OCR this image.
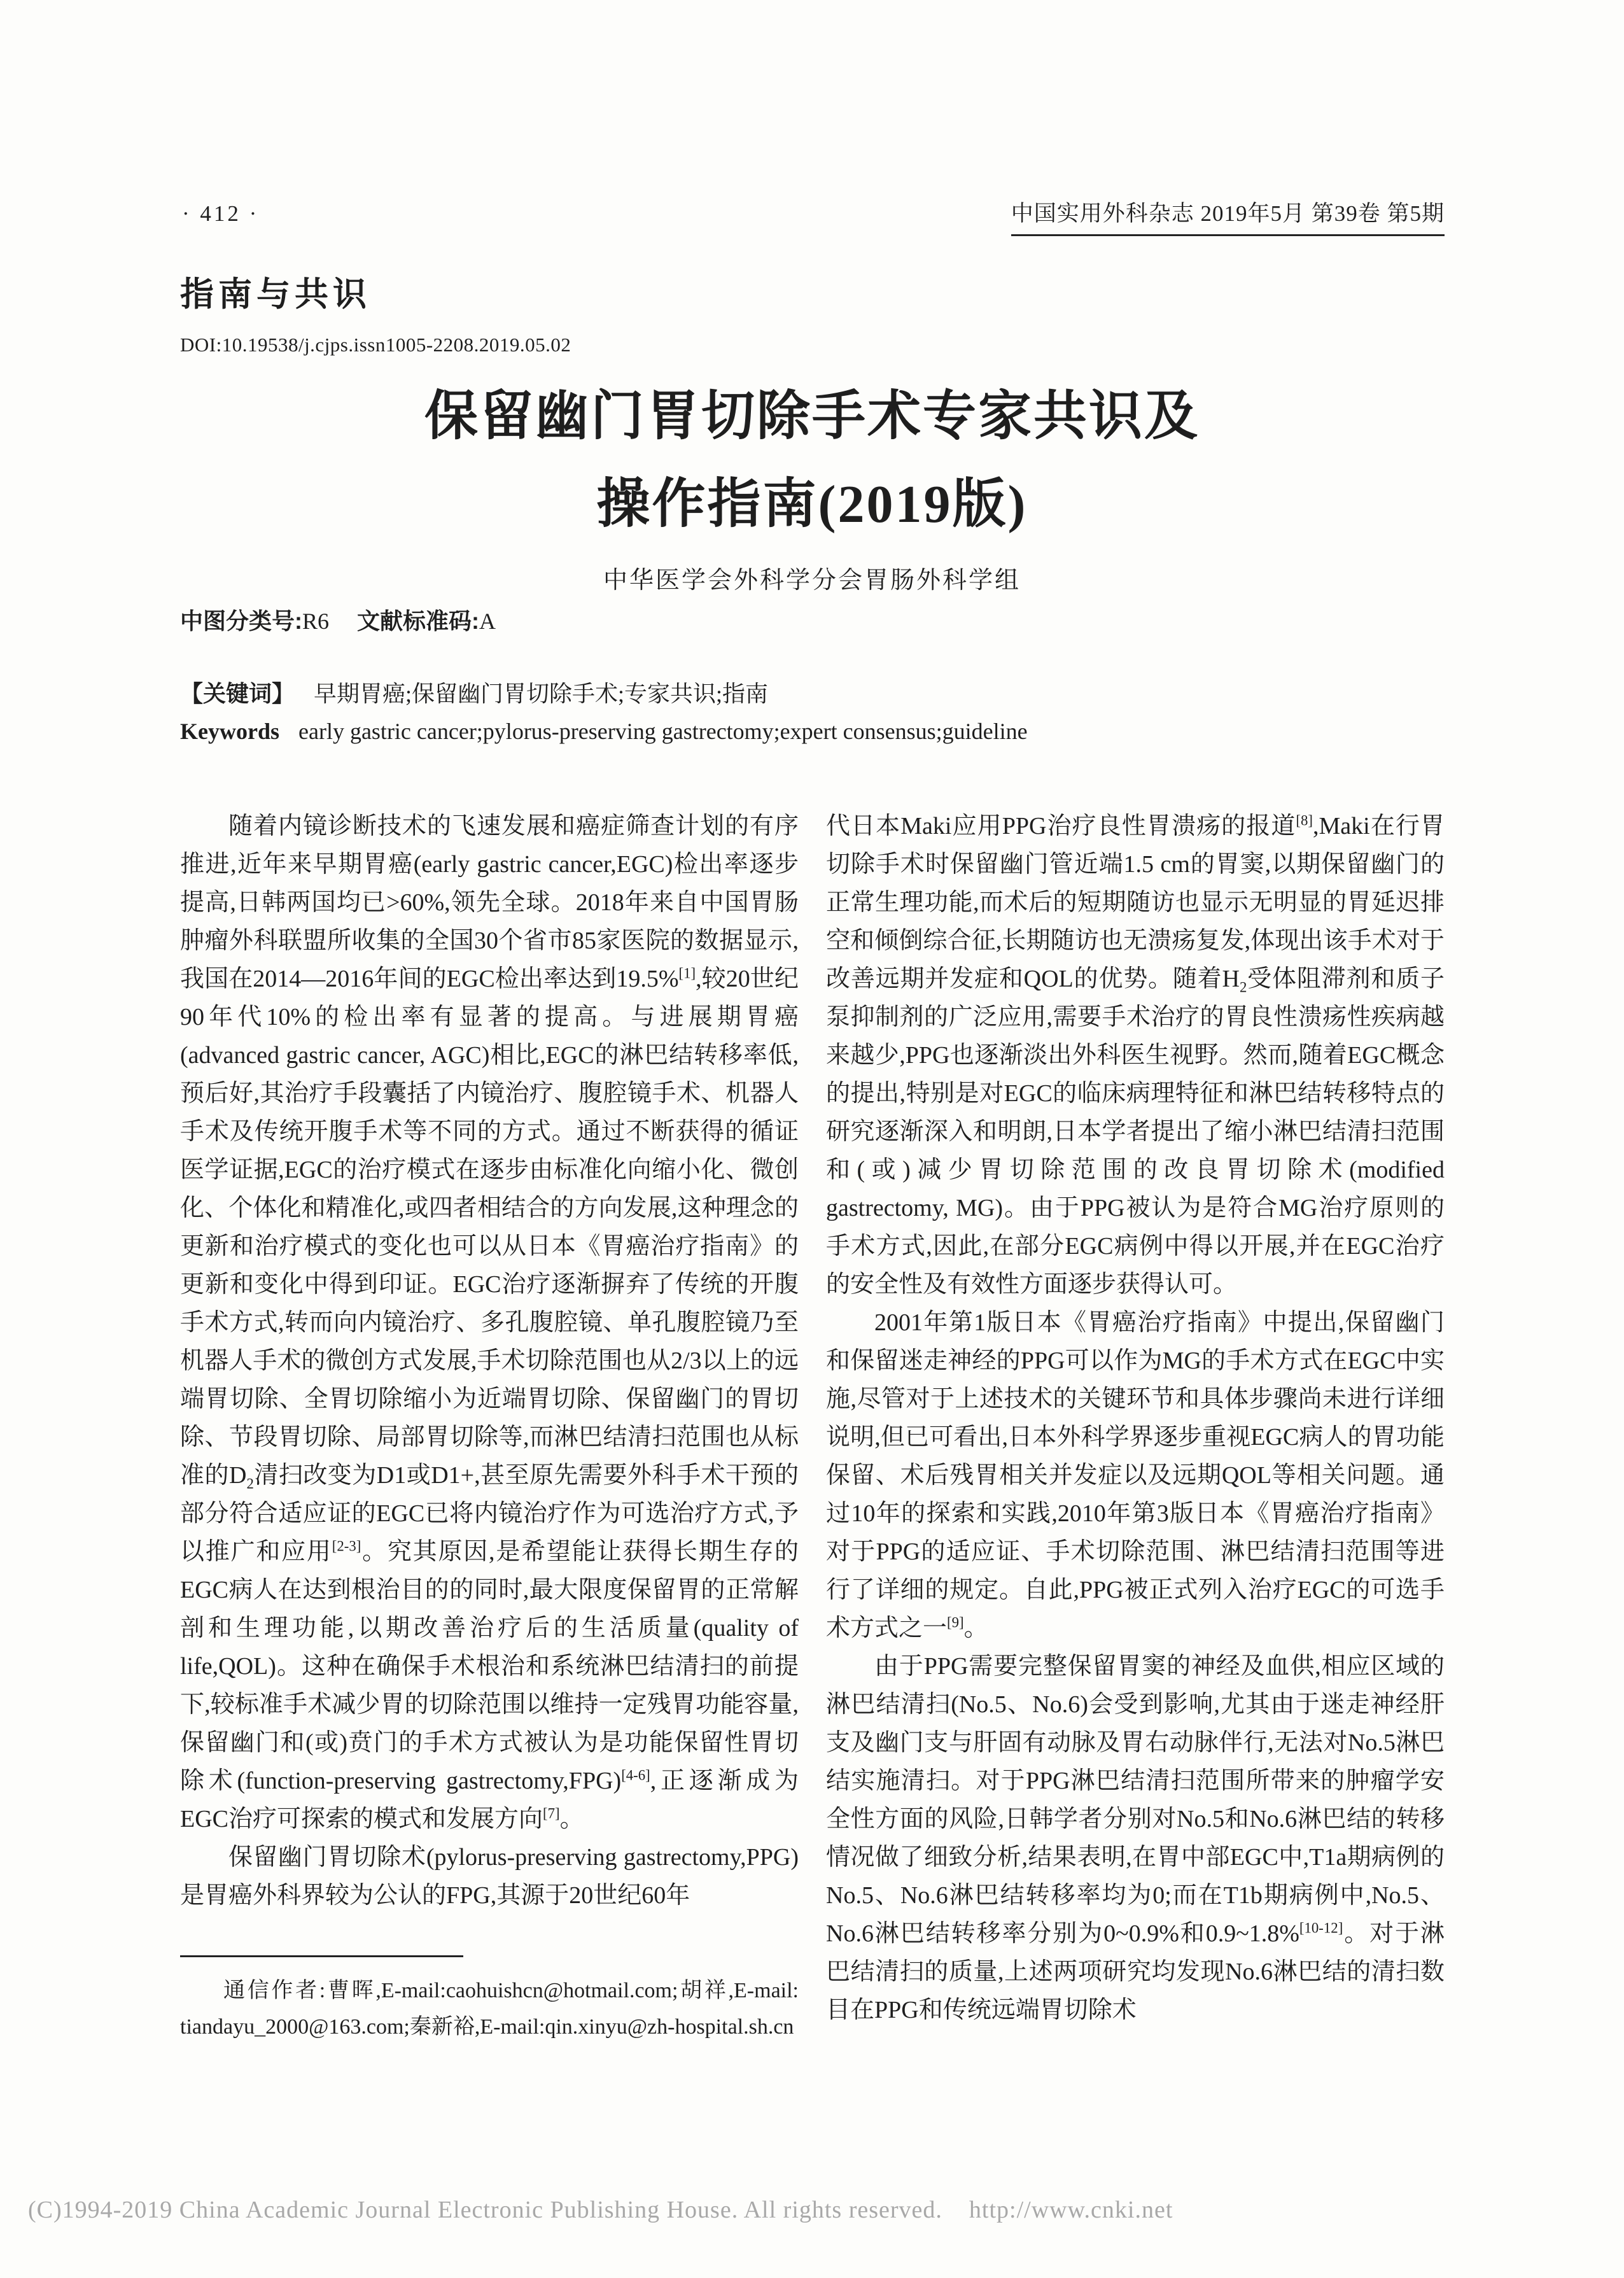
· 412 ·	中国实用外科杂志 2019年5月 第39卷 第5期
指南与共识
DOI:10.19538/j.cjps.issn1005-2208.2019.05.02
保留幽门胃切除手术专家共识及
操作指南(2019版)
中华医学会外科学分会胃肠外科学组
中图分类号:R6 文献标准码:A
【关键词】 早期胃癌;保留幽门胃切除手术;专家共识;指南
Keywords early gastric cancer;pylorus-preserving gastrectomy;expert consensus;guideline

随着内镜诊断技术的飞速发展和癌症筛查计划的有序推进,近年来早期胃癌(early gastric cancer,EGC)检出率逐步提高,日韩两国均已>60%,领先全球。2018年来自中国胃肠肿瘤外科联盟所收集的全国30个省市85家医院的数据显示,我国在2014—2016年间的EGC检出率达到19.5%[1],较20世纪90年代10%的检出率有显著的提高。与进展期胃癌(advanced gastric cancer, AGC)相比,EGC的淋巴结转移率低,预后好,其治疗手段囊括了内镜治疗、腹腔镜手术、机器人手术及传统开腹手术等不同的方式。通过不断获得的循证医学证据,EGC的治疗模式在逐步由标准化向缩小化、微创化、个体化和精准化,或四者相结合的方向发展,这种理念的更新和治疗模式的变化也可以从日本《胃癌治疗指南》的更新和变化中得到印证。EGC治疗逐渐摒弃了传统的开腹手术方式,转而向内镜治疗、多孔腹腔镜、单孔腹腔镜乃至机器人手术的微创方式发展,手术切除范围也从2/3以上的远端胃切除、全胃切除缩小为近端胃切除、保留幽门的胃切除、节段胃切除、局部胃切除等,而淋巴结清扫范围也从标准的$D_2$清扫改变为D1或D1+,甚至原先需要外科手术干预的部分符合适应证的EGC已将内镜治疗作为可选治疗方式,予以推广和应用[2-3]。究其原因,是希望能让获得长期生存的EGC病人在达到根治目的的同时,最大限度保留胃的正常解剖和生理功能,以期改善治疗后的生活质量(quality of life,QOL)。这种在确保手术根治和系统淋巴结清扫的前提下,较标准手术减少胃的切除范围以维持一定残胃功能容量,保留幽门和(或)贲门的手术方式被认为是功能保留性胃切除术(function-preserving gastrectomy,FPG)[4-6],正逐渐成为EGC治疗可探索的模式和发展方向[7]。

保留幽门胃切除术(pylorus-preserving gastrectomy,PPG)是胃癌外科界较为公认的FPG,其源于20世纪60年

代日本Maki应用PPG治疗良性胃溃疡的报道[8],Maki在行胃切除手术时保留幽门管近端1.5 cm的胃窦,以期保留幽门的正常生理功能,而术后的短期随访也显示无明显的胃延迟排空和倾倒综合征,长期随访也无溃疡复发,体现出该手术对于改善远期并发症和QOL的优势。随着$H_2$受体阻滞剂和质子泵抑制剂的广泛应用,需要手术治疗的胃良性溃疡性疾病越来越少,PPG也逐渐淡出外科医生视野。然而,随着EGC概念的提出,特别是对EGC的临床病理特征和淋巴结转移特点的研究逐渐深入和明朗,日本学者提出了缩小淋巴结清扫范围和(或)减少胃切除范围的改良胃切除术(modified gastrectomy, MG)。由于PPG被认为是符合MG治疗原则的手术方式,因此,在部分EGC病例中得以开展,并在EGC治疗的安全性及有效性方面逐步获得认可。

2001年第1版日本《胃癌治疗指南》中提出,保留幽门和保留迷走神经的PPG可以作为MG的手术方式在EGC中实施,尽管对于上述技术的关键环节和具体步骤尚未进行详细说明,但已可看出,日本外科学界逐步重视EGC病人的胃功能保留、术后残胃相关并发症以及远期QOL等相关问题。通过10年的探索和实践,2010年第3版日本《胃癌治疗指南》对于PPG的适应证、手术切除范围、淋巴结清扫范围等进行了详细的规定。自此,PPG被正式列入治疗EGC的可选手术方式之一[9]。

由于PPG需要完整保留胃窦的神经及血供,相应区域的淋巴结清扫(No.5、No.6)会受到影响,尤其由于迷走神经肝支及幽门支与肝固有动脉及胃右动脉伴行,无法对No.5淋巴结实施清扫。对于PPG淋巴结清扫范围所带来的肿瘤学安全性方面的风险,日韩学者分别对No.5和No.6淋巴结的转移情况做了细致分析,结果表明,在胃中部EGC中,T1a期病例的No.5、No.6淋巴结转移率均为0;而在T1b期病例中,No.5、No.6淋巴结转移率分别为0~0.9%和0.9~1.8%[10-12]。对于淋巴结清扫的质量,上述两项研究均发现No.6淋巴结的清扫数目在PPG和传统远端胃切除术

通信作者:曹晖,E-mail:caohuishcn@hotmail.com;胡祥,E-mail: tiandayu_2000@163.com;秦新裕,E-mail:qin.xinyu@zh-hospital.sh.cn

(C)1994-2019 China Academic Journal Electronic Publishing House. All rights reserved.    http://www.cnki.net
